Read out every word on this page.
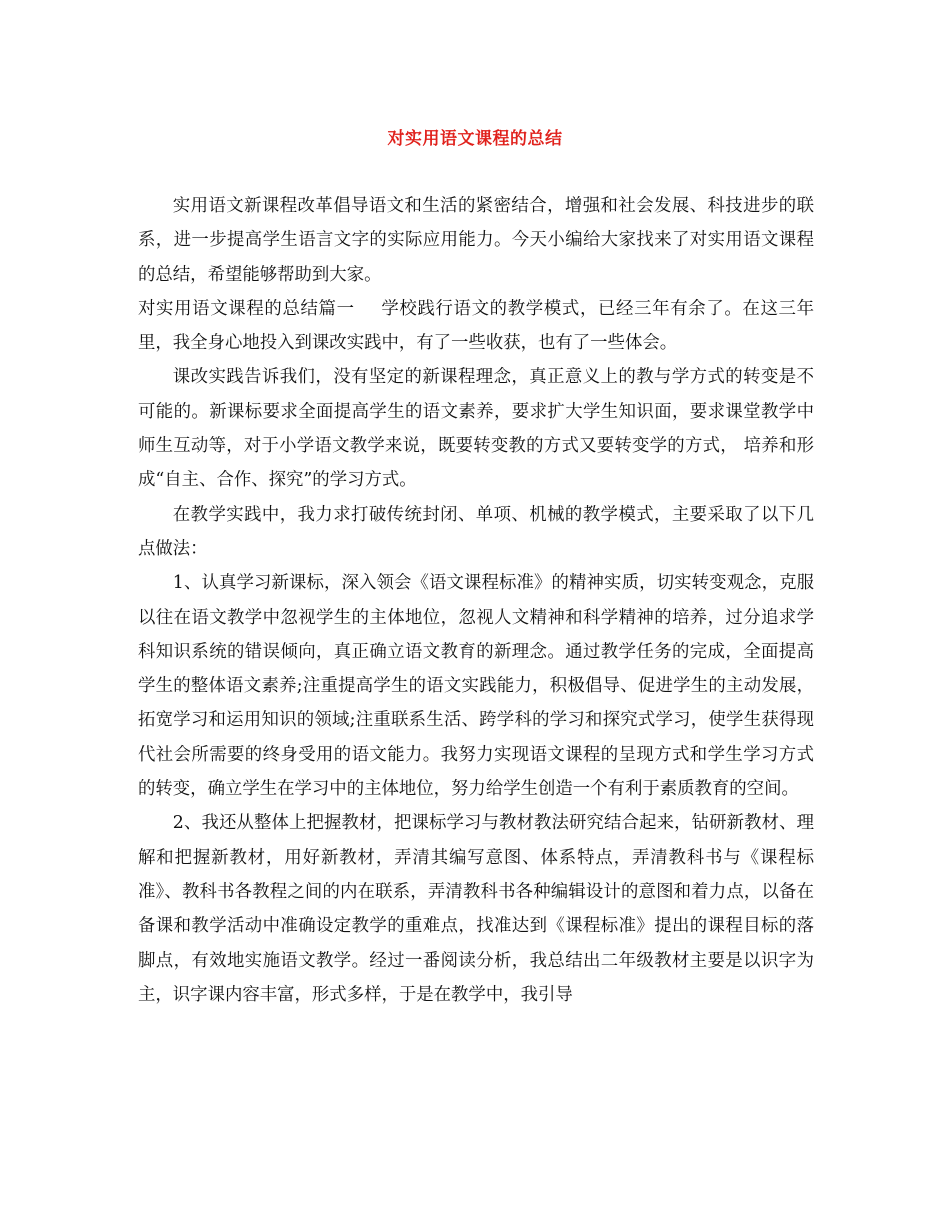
对实用语文课程的总结

实用语文新课程改革倡导语文和生活的紧密结合，增强和社会发展、科技进步的联系，进一步提高学生语言文字的实际应用能力。今天小编给大家找来了对实用语文课程的总结，希望能够帮助到大家。

对实用语文课程的总结篇一 学校践行语文的教学模式，已经三年有余了。在这三年里，我全身心地投入到课改实践中，有了一些收获，也有了一些体会。

课改实践告诉我们，没有坚定的新课程理念，真正意义上的教与学方式的转变是不可能的。新课标要求全面提高学生的语文素养，要求扩大学生知识面，要求课堂教学中师生互动等，对于小学语文教学来说，既要转变教的方式又要转变学的方式， 培养和形成“自主、合作、探究”的学习方式。

在教学实践中，我力求打破传统封闭、单项、机械的教学模式，主要采取了以下几点做法：

1、认真学习新课标，深入领会《语文课程标准》的精神实质，切实转变观念，克服以往在语文教学中忽视学生的主体地位，忽视人文精神和科学精神的培养，过分追求学科知识系统的错误倾向，真正确立语文教育的新理念。通过教学任务的完成，全面提高学生的整体语文素养;注重提高学生的语文实践能力，积极倡导、促进学生的主动发展，拓宽学习和运用知识的领域;注重联系生活、跨学科的学习和探究式学习，使学生获得现代社会所需要的终身受用的语文能力。我努力实现语文课程的呈现方式和学生学习方式的转变，确立学生在学习中的主体地位，努力给学生创造一个有利于素质教育的空间。

2、我还从整体上把握教材，把课标学习与教材教法研究结合起来，钻研新教材、理解和把握新教材，用好新教材，弄清其编写意图、体系特点，弄清教科书与《课程标准》、教科书各教程之间的内在联系，弄清教科书各种编辑设计的意图和着力点，以备在备课和教学活动中准确设定教学的重难点，找准达到《课程标准》提出的课程目标的落脚点，有效地实施语文教学。经过一番阅读分析，我总结出二年级教材主要是以识字为主，识字课内容丰富，形式多样，于是在教学中，我引导
